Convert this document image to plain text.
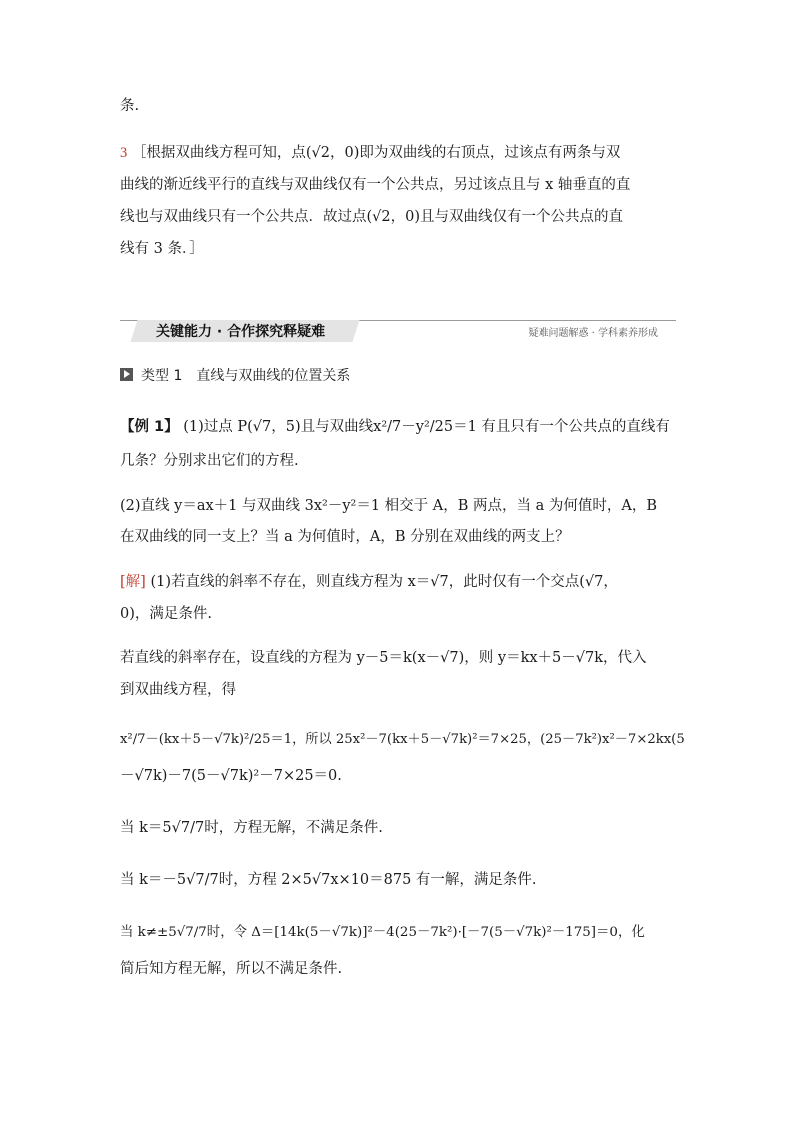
条.
3 ［根据双曲线方程可知，点(√2，0)即为双曲线的右顶点，过该点有两条与双
曲线的渐近线平行的直线与双曲线仅有一个公共点，另过该点且与 x 轴垂直的直
线也与双曲线只有一个公共点．故过点(√2，0)且与双曲线仅有一个公共点的直
线有 3 条．］
关键能力 · 合作探究释疑难	疑难问题解惑 · 学科素养形成
类型 1　直线与双曲线的位置关系
【例 1】 (1)过点 P(√7，5)且与双曲线x²/7－y²/25＝1 有且只有一个公共点的直线有
几条？分别求出它们的方程.
(2)直线 y＝ax＋1 与双曲线 3x²－y²＝1 相交于 A，B 两点，当 a 为何值时，A，B
在双曲线的同一支上？当 a 为何值时，A，B 分别在双曲线的两支上？
[解] (1)若直线的斜率不存在，则直线方程为 x＝√7，此时仅有一个交点(√7，
0)，满足条件.
若直线的斜率存在，设直线的方程为 y－5＝k(x－√7)，则 y＝kx＋5－√7k，代入
到双曲线方程，得
x²/7－(kx＋5－√7k)²/25＝1，所以 25x²－7(kx＋5－√7k)²＝7×25，(25－7k²)x²－7×2kx(5
－√7k)－7(5－√7k)²－7×25＝0.
当 k＝5√7/7时，方程无解，不满足条件.
当 k＝－5√7/7时，方程 2×5√7x×10＝875 有一解，满足条件.
当 k≠±5√7/7时，令 Δ＝[14k(5－√7k)]²－4(25－7k²)·[－7(5－√7k)²－175]＝0，化
简后知方程无解，所以不满足条件.
